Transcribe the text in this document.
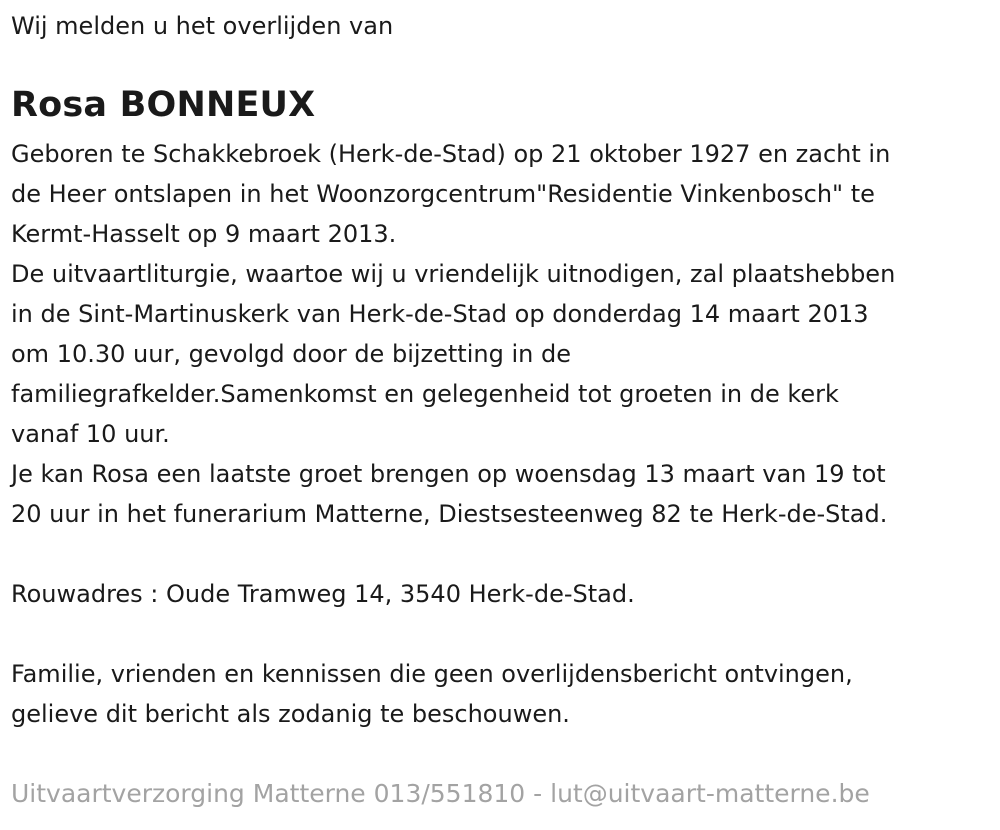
Wij melden u het overlijden van
Rosa BONNEUX
Geboren te Schakkebroek (Herk-de-Stad) op 21 oktober 1927 en zacht in
de Heer ontslapen in het Woonzorgcentrum"Residentie Vinkenbosch" te
Kermt-Hasselt op 9 maart 2013.
De uitvaartliturgie, waartoe wij u vriendelijk uitnodigen, zal plaatshebben
in de Sint-Martinuskerk van Herk-de-Stad op donderdag 14 maart 2013
om 10.30 uur, gevolgd door de bijzetting in de
familiegrafkelder.Samenkomst en gelegenheid tot groeten in de kerk
vanaf 10 uur.
Je kan Rosa een laatste groet brengen op woensdag 13 maart van 19 tot
20 uur in het funerarium Matterne, Diestsesteenweg 82 te Herk-de-Stad.
Rouwadres : Oude Tramweg 14, 3540 Herk-de-Stad.
Familie, vrienden en kennissen die geen overlijdensbericht ontvingen,
gelieve dit bericht als zodanig te beschouwen.
Uitvaartverzorging Matterne 013/551810 - lut@uitvaart-matterne.be
